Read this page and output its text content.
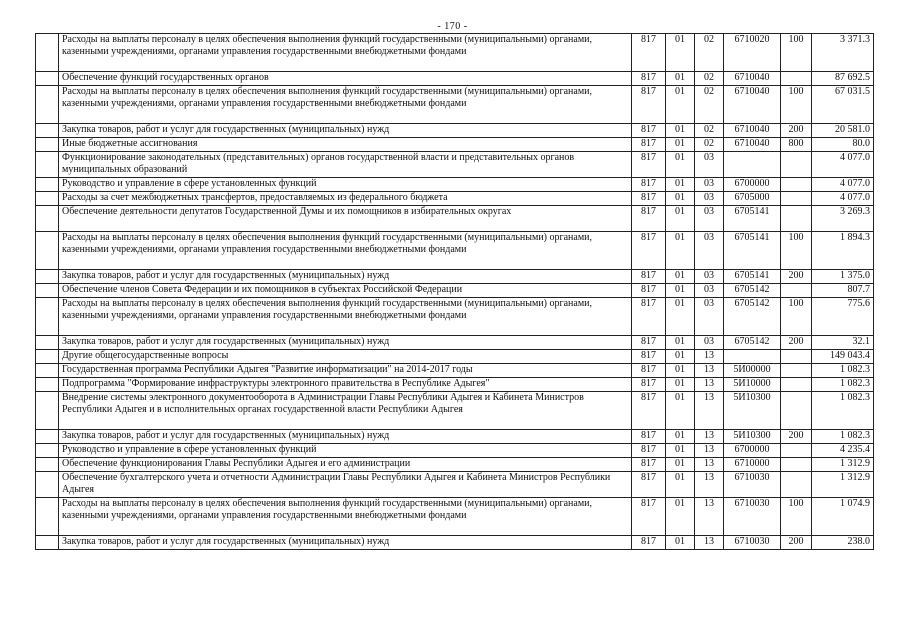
- 170 -
	Расходы на выплаты персоналу в целях обеспечения выполнения функций государственными (муниципальными) органами, казенными учреждениями, органами управления государственными внебюджетными фондами	817	01	02	6710020	100	3 371.3
	Обеспечение функций государственных органов	817	01	02	6710040		87 692.5
	Расходы на выплаты персоналу в целях обеспечения выполнения функций государственными (муниципальными) органами, казенными учреждениями, органами управления государственными внебюджетными фондами	817	01	02	6710040	100	67 031.5
	Закупка товаров, работ и услуг для государственных (муниципальных) нужд	817	01	02	6710040	200	20 581.0
	Иные бюджетные ассигнования	817	01	02	6710040	800	80.0
	Функционирование законодательных (представительных) органов государственной власти и представительных органов муниципальных образований	817	01	03			4 077.0
	Руководство и управление в сфере установленных функций	817	01	03	6700000		4 077.0
	Расходы за счет межбюджетных трансфертов, предоставляемых из федерального бюджета	817	01	03	6705000		4 077.0
	Обеспечение деятельности депутатов Государственной Думы и их помощников в избирательных округах	817	01	03	6705141		3 269.3
	Расходы на выплаты персоналу в целях обеспечения выполнения функций государственными (муниципальными) органами, казенными учреждениями, органами управления государственными внебюджетными фондами	817	01	03	6705141	100	1 894.3
	Закупка товаров, работ и услуг для государственных (муниципальных) нужд	817	01	03	6705141	200	1 375.0
	Обеспечение членов Совета Федерации и их помощников в субъектах Российской Федерации	817	01	03	6705142		807.7
	Расходы на выплаты персоналу в целях обеспечения выполнения функций государственными (муниципальными) органами, казенными учреждениями, органами управления государственными внебюджетными фондами	817	01	03	6705142	100	775.6
	Закупка товаров, работ и услуг для государственных (муниципальных) нужд	817	01	03	6705142	200	32.1
	Другие общегосударственные вопросы	817	01	13			149 043.4
	Государственная программа Республики Адыгея "Развитие информатизации" на 2014-2017 годы	817	01	13	5И00000		1 082.3
	Подпрограмма "Формирование инфраструктуры электронного правительства в Республике Адыгея"	817	01	13	5И10000		1 082.3
	Внедрение системы электронного документооборота в Администрации Главы Республики Адыгея и Кабинета Министров Республики Адыгея и в исполнительных органах государственной власти Республики Адыгея	817	01	13	5И10300		1 082.3
	Закупка товаров, работ и услуг для государственных (муниципальных) нужд	817	01	13	5И10300	200	1 082.3
	Руководство и управление в сфере установленных функций	817	01	13	6700000		4 235.4
	Обеспечение функционирования Главы Республики Адыгея и его администрации	817	01	13	6710000		1 312.9
	Обеспечение бухгалтерского учета и отчетности Администрации Главы Республики Адыгея и Кабинета Министров Республики Адыгея	817	01	13	6710030		1 312.9
	Расходы на выплаты персоналу в целях обеспечения выполнения функций государственными (муниципальными) органами, казенными учреждениями, органами управления государственными внебюджетными фондами	817	01	13	6710030	100	1 074.9
	Закупка товаров, работ и услуг для государственных (муниципальных) нужд	817	01	13	6710030	200	238.0
